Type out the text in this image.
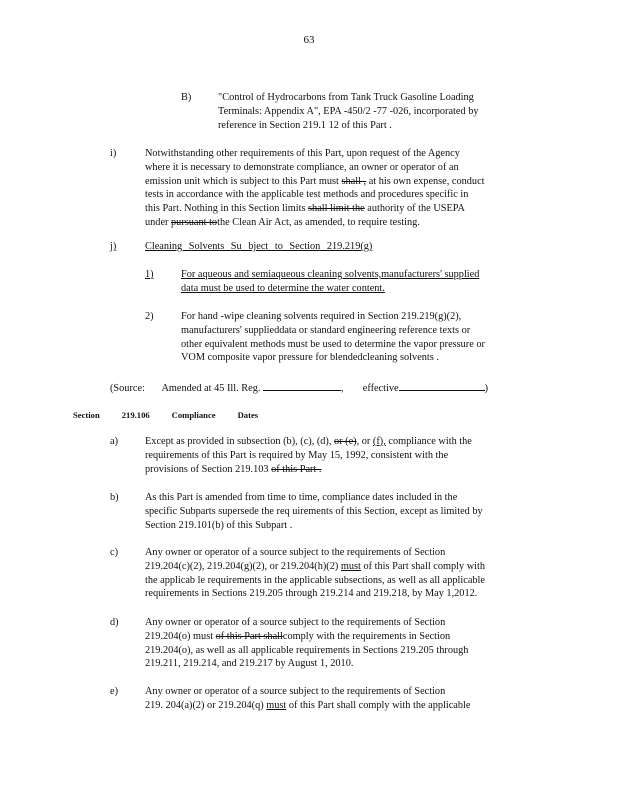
63
B)	"Control of Hydrocarbons from Tank Truck Gasoline Loading

Terminals: Appendix A", EPA -450/2 -77 -026, incorporated by

reference in Section 219.1 12 of this Part .

i)	Notwithstanding other requirements of this Part, upon request of the Agency

where it is necessary to demonstrate compliance, an owner or operator of an

emission unit which is subject to this Part must shall , at his own expense, conduct

tests in accordance with the applicable test methods and procedures specific in

this Part. Nothing in this Section limits shall limit the authority of the USEPA

under pursuant tothe Clean Air Act, as amended, to require testing.

j)	Cleaning Solvents Su bject to Section 219.219(g)
1)	For aqueous and semiaqueous cleaning solvents,manufacturers' supplied

data must be used to determine the water content.

2)	For hand -wipe cleaning solvents required in Section 219.219(g)(2),

manufacturers' supplieddata or standard engineering reference texts or

other equivalent methods must be used to determine the vapor pressure or

VOM composite vapor pressure for blendedcleaning solvents .

(Source: Amended at 45 Ill. Reg.	, effective	)
Section	219.106	Compliance	Dates
a)	Except as provided in subsection (b), (c), (d), or (e), or (f), compliance with the

requirements of this Part is required by May 15, 1992, consistent with the

provisions of Section 219.103 of this Part .

b)	As this Part is amended from time to time, compliance dates included in the

specific Subparts supersede the req uirements of this Section, except as limited by

Section 219.101(b) of this Subpart .

c)	Any owner or operator of a source subject to the requirements of Section

219.204(c)(2), 219.204(g)(2), or 219.204(h)(2) must of this Part shall comply with

the applicab le requirements in the applicable subsections, as well as all applicable

requirements in Sections 219.205 through 219.214 and 219.218, by May 1,2012.

d)	Any owner or operator of a source subject to the requirements of Section

219.204(o) must of this Part shallcomply with the requirements in Section

219.204(o), as well as all applicable requirements in Sections 219.205 through

219.211, 219.214, and 219.217 by August 1, 2010.

e)	Any owner or operator of a source subject to the requirements of Section

219. 204(a)(2) or 219.204(q) must of this Part shall comply with the applicable
